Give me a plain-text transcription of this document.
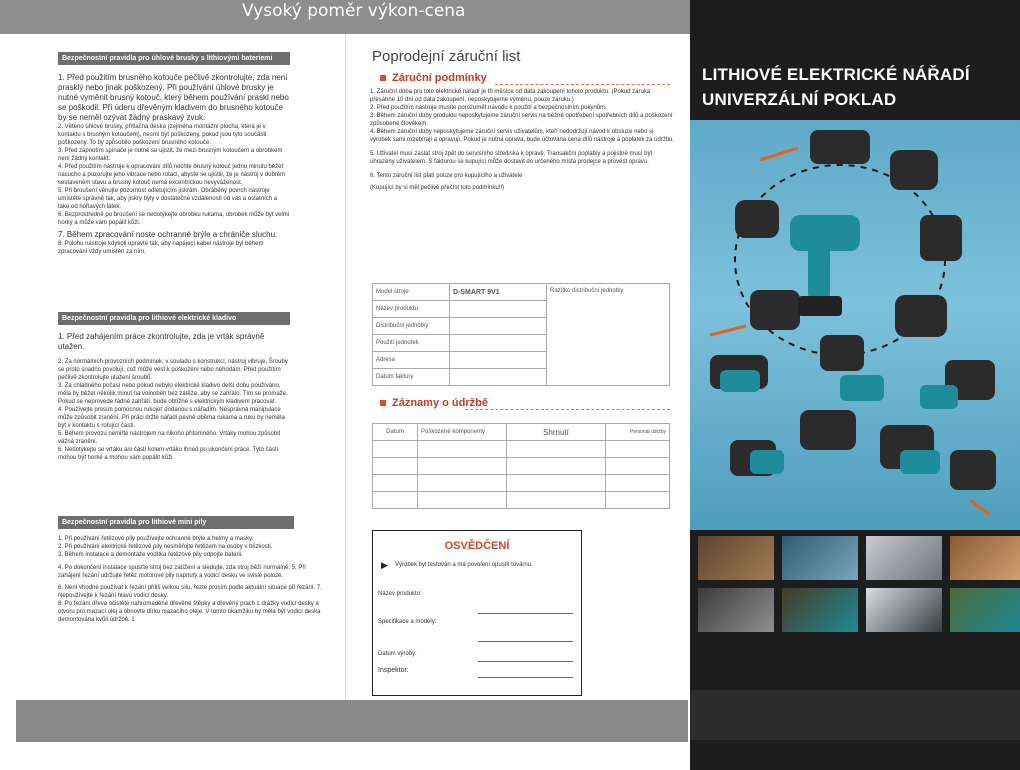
Vysoký poměr výkon-cena
Bezpečnostní pravidla pro úhlové brusky s lithiovými bateriemi

1. Před použitím brusného kotouče pečlivě zkontrolujte, zda není prasklý nebo jinak poškozený. Při používání úhlové brusky je nutné vyměnit brusný kotouč, který během používání praskl nebo se poškodil. Při úderu dřevěným kladivem do brusného kotouče by se neměl ozývat žádný praskavý zvuk.

2. Věteno úhlové brusky, přítlačná deska (zejména montážní plocha, která je v kontaktu s brusným kotoučem), nesmí být poškozeny, pokud jsou tyto součásti poškozeny. To by způsobilo poškození brusného kotouče.

3. Před zapnutím spínače je nutné se ujistit, že mezi brusným kotoučem a obrobkem není žádný kontakt.

4. Před použitím nástroje k opracování dílů nechte brusný kotouč jednu minutu běžet nasucho a pozorujte jeho vibrace nebo rotaci, abyste se ujistili, že je nástroj v dobrém sestaveném stavu a brusný kotouč nemá excentrickou nevyváženost.

5. Při broušení věnujte pozornost odletujícím jiskrám. Obráběný povrch nástroje umístěte správně tak, aby jiskry byly v dostatečné vzdálenosti od vás a ostatních a také od hořlavých látek.

6. Bezprostředně po broušení se nedotýkejte obrobku rukama, obrobek může být velmi horký a může vám popálit kůži.

7. Během zpracování noste ochranné brýle a chrániče sluchu.

8. Polohu nástroje kdykoli upravte tak, aby napájecí kabel nástroje byl během zpracování vždy umístěn za ním.

Bezpečnostní pravidla pro lithiové elektrické kladivo

1. Před zahájením práce zkontrolujte, zda je vrták správně utažen.

2. Za normálních provozních podmínek, v souladu s konstrukcí, nástroj vibruje. Šrouby se proto snadno povolují, což může vést k poškození nebo nehodám. Před použitím pečlivě zkontrolujte utažení šroubů.

3. Za chladného počasí nebo pokud nebylo elektrické kladivo delší dobu používáno, měla by běžet několik minut na volnoběh bez zátěže, aby se zahřálo. Tím se promaže. Pokud se neprovede řádné zahřátí, bude obtížné s elektrickým kladivem pracovat.

4. Používejte prosím pomocnou rukojeť dodanou s nářadím. Nesprávná manipulace může způsobit zranění. Při práci držte nářadí pevně oběma rukama a ruku by neměla být v kontaktu s rotující částí.

5. Během provozu nemiřte nástrojem na nikoho přítomného. Vrtáky mohou způsobit vážná zranění.

6. Nedotýkejte se vrtáku ani částí kolem vrtáku ihned po ukončení práce. Tyto části mohou být horké a mohou vám popálit kůži.

Bezpečnostní pravidla pro lithiové mini pily

1. Při používání řetězové pily používejte ochranné brýle a helmy a masky.

2. Při používání elektrické řetězové pily nesměřujte řetězem na osoby v blízkosti.

3. Během instalace a demontáže vodítka řetězové pily odpojte baterii.

4. Po dokončení instalace spusťte stroj bez zatížení a sledujte, zda stroj běží normálně. 5. Při zahájení řezání udržujte řetěz motorové pily napnutý a vodicí desku ve svislé poloze.

6. Není vhodné používat k řezání příliš velkou sílu, řezte prosím podle aktuální situace při řezání. 7. Nepoužívejte k řezání hlavu vodicí desky.

8. Po řezání dřeva očistěte nahromaděné dřevěné štěpky a dřevěný prach z drážky vodicí desky a otvoru pro mazací olej a obnovte dírku mazacího oleje. V tomto okamžiku by měla být vodicí deska demontována kvůli údržbě. 1

Poprodejní záruční list
Záruční podmínky

1. Záruční doba pro toto elektrické nářadí je tři měsíce od data zakoupení tohoto produktu. (Pokud záruka přesáhne 10 dní od data zakoupení, neposkytujeme výměnu, pouze záruku.)

2. Před použitím nástroje musíte porozumět návodu k použití a bezpečnostním pokynům.

3. Během záruční doby produktu neposkytujeme záruční servis na běžné opotřebení spotřebních dílů a poškození způsobené člověkem.

4. Během záruční doby neposkytujeme záruční servis uživatelům, kteří nedodržují návod k obsluze nebo si výrobek sami rozebírají a opravují. Pokud je nutná oprava, bude účtována cena dílů nástroje a poplatek za údržbu.

5. Uživatel musí zaslat stroj zpět do servisního střediska k opravě. Transakční poplatky a pojistné musí být uhrazeny uživatelem. S fakturou se kupující může dostavit do určeného místa prodejce a provést opravu.

6. Tento záruční list platí pouze pro kupujícího a uživatele

(Kupující by si měl pečlivě přečíst tuto podmínku!!)

Model stroje	D-SMART 9V1	Razítko distribuční jednotky
Název produktu		
Distribuční jednotky		
Použití jednotek		
Adresa		
Datum faktury		
Záznamy o údržbě
Datum	Poškozené komponenty	Shrnutí	Personál údržby

OSVĚDČENÍ
▶ Výrobek byl testován a má povolení opustit továrnu.
Název produktu:
Specifikace a modely:
Datum výroby:
Inspektor:
LITHIOVÉ ELEKTRICKÉ NÁŘADÍ
UNIVERZÁLNÍ POKLAD
